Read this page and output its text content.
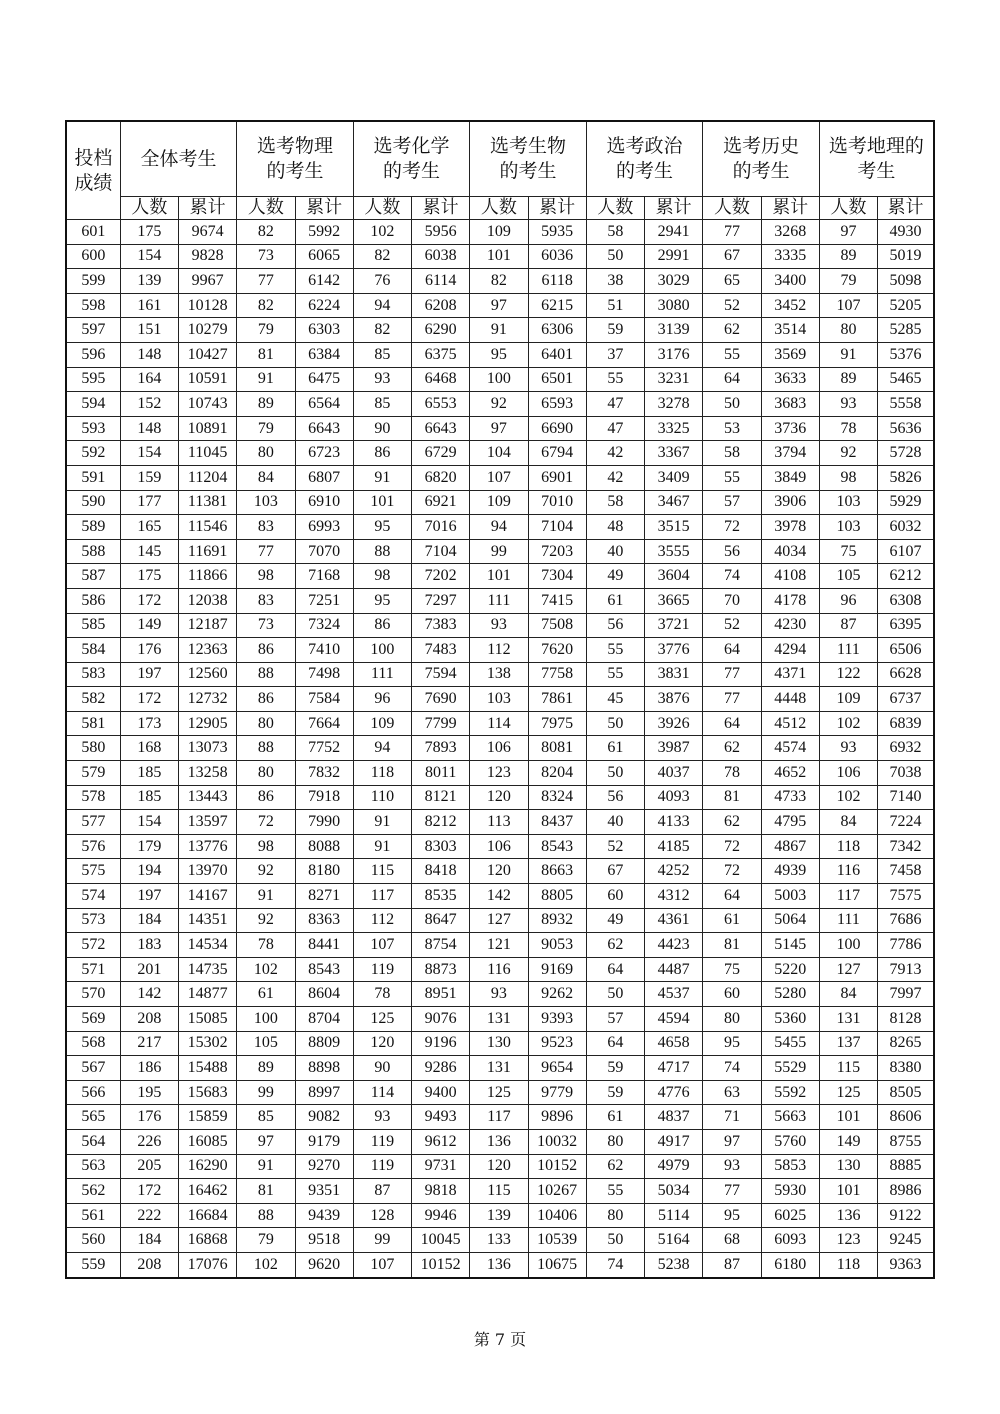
投档成绩	全体考生		选考物理的考生		选考化学的考生		选考生物的考生		选考政治的考生		选考历史的考生		选考地理的考生	
	人数	累计	人数	累计	人数	累计	人数	累计	人数	累计	人数	累计	人数	累计
601	175	9674	82	5992	102	5956	109	5935	58	2941	77	3268	97	4930
600	154	9828	73	6065	82	6038	101	6036	50	2991	67	3335	89	5019
599	139	9967	77	6142	76	6114	82	6118	38	3029	65	3400	79	5098
598	161	10128	82	6224	94	6208	97	6215	51	3080	52	3452	107	5205
597	151	10279	79	6303	82	6290	91	6306	59	3139	62	3514	80	5285
596	148	10427	81	6384	85	6375	95	6401	37	3176	55	3569	91	5376
595	164	10591	91	6475	93	6468	100	6501	55	3231	64	3633	89	5465
594	152	10743	89	6564	85	6553	92	6593	47	3278	50	3683	93	5558
593	148	10891	79	6643	90	6643	97	6690	47	3325	53	3736	78	5636
592	154	11045	80	6723	86	6729	104	6794	42	3367	58	3794	92	5728
591	159	11204	84	6807	91	6820	107	6901	42	3409	55	3849	98	5826
590	177	11381	103	6910	101	6921	109	7010	58	3467	57	3906	103	5929
589	165	11546	83	6993	95	7016	94	7104	48	3515	72	3978	103	6032
588	145	11691	77	7070	88	7104	99	7203	40	3555	56	4034	75	6107
587	175	11866	98	7168	98	7202	101	7304	49	3604	74	4108	105	6212
586	172	12038	83	7251	95	7297	111	7415	61	3665	70	4178	96	6308
585	149	12187	73	7324	86	7383	93	7508	56	3721	52	4230	87	6395
584	176	12363	86	7410	100	7483	112	7620	55	3776	64	4294	111	6506
583	197	12560	88	7498	111	7594	138	7758	55	3831	77	4371	122	6628
582	172	12732	86	7584	96	7690	103	7861	45	3876	77	4448	109	6737
581	173	12905	80	7664	109	7799	114	7975	50	3926	64	4512	102	6839
580	168	13073	88	7752	94	7893	106	8081	61	3987	62	4574	93	6932
579	185	13258	80	7832	118	8011	123	8204	50	4037	78	4652	106	7038
578	185	13443	86	7918	110	8121	120	8324	56	4093	81	4733	102	7140
577	154	13597	72	7990	91	8212	113	8437	40	4133	62	4795	84	7224
576	179	13776	98	8088	91	8303	106	8543	52	4185	72	4867	118	7342
575	194	13970	92	8180	115	8418	120	8663	67	4252	72	4939	116	7458
574	197	14167	91	8271	117	8535	142	8805	60	4312	64	5003	117	7575
573	184	14351	92	8363	112	8647	127	8932	49	4361	61	5064	111	7686
572	183	14534	78	8441	107	8754	121	9053	62	4423	81	5145	100	7786
571	201	14735	102	8543	119	8873	116	9169	64	4487	75	5220	127	7913
570	142	14877	61	8604	78	8951	93	9262	50	4537	60	5280	84	7997
569	208	15085	100	8704	125	9076	131	9393	57	4594	80	5360	131	8128
568	217	15302	105	8809	120	9196	130	9523	64	4658	95	5455	137	8265
567	186	15488	89	8898	90	9286	131	9654	59	4717	74	5529	115	8380
566	195	15683	99	8997	114	9400	125	9779	59	4776	63	5592	125	8505
565	176	15859	85	9082	93	9493	117	9896	61	4837	71	5663	101	8606
564	226	16085	97	9179	119	9612	136	10032	80	4917	97	5760	149	8755
563	205	16290	91	9270	119	9731	120	10152	62	4979	93	5853	130	8885
562	172	16462	81	9351	87	9818	115	10267	55	5034	77	5930	101	8986
561	222	16684	88	9439	128	9946	139	10406	80	5114	95	6025	136	9122
560	184	16868	79	9518	99	10045	133	10539	50	5164	68	6093	123	9245
559	208	17076	102	9620	107	10152	136	10675	74	5238	87	6180	118	9363
第 7 页
